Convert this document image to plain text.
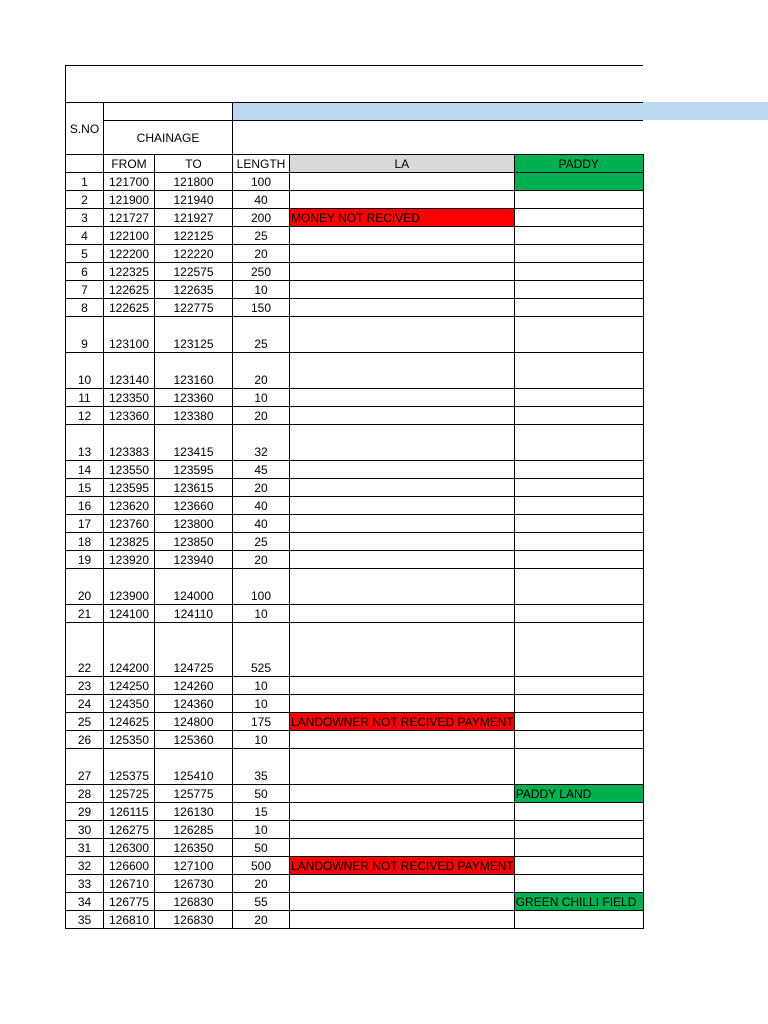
S.NO					
	CHAINAGE				
	FROM	TO	LENGTH	LA	PADDY
1	121700	121800	100		
2	121900	121940	40		
3	121727	121927	200	MONEY NOT RECIVED	
4	122100	122125	25		
5	122200	122220	20		
6	122325	122575	250		
7	122625	122635	10		
8	122625	122775	150		
9	123100	123125	25		
10	123140	123160	20		
11	123350	123360	10		
12	123360	123380	20		
13	123383	123415	32		
14	123550	123595	45		
15	123595	123615	20		
16	123620	123660	40		
17	123760	123800	40		
18	123825	123850	25		
19	123920	123940	20		
20	123900	124000	100		
21	124100	124110	10		
22	124200	124725	525		
23	124250	124260	10		
24	124350	124360	10		
25	124625	124800	175	LANDOWNER NOT RECIVED PAYMENT	
26	125350	125360	10		
27	125375	125410	35		
28	125725	125775	50		PADDY LAND
29	126115	126130	15		
30	126275	126285	10		
31	126300	126350	50		
32	126600	127100	500	LANDOWNER NOT RECIVED PAYMENT	
33	126710	126730	20		
34	126775	126830	55		GREEN CHILLI FIELD
35	126810	126830	20		
